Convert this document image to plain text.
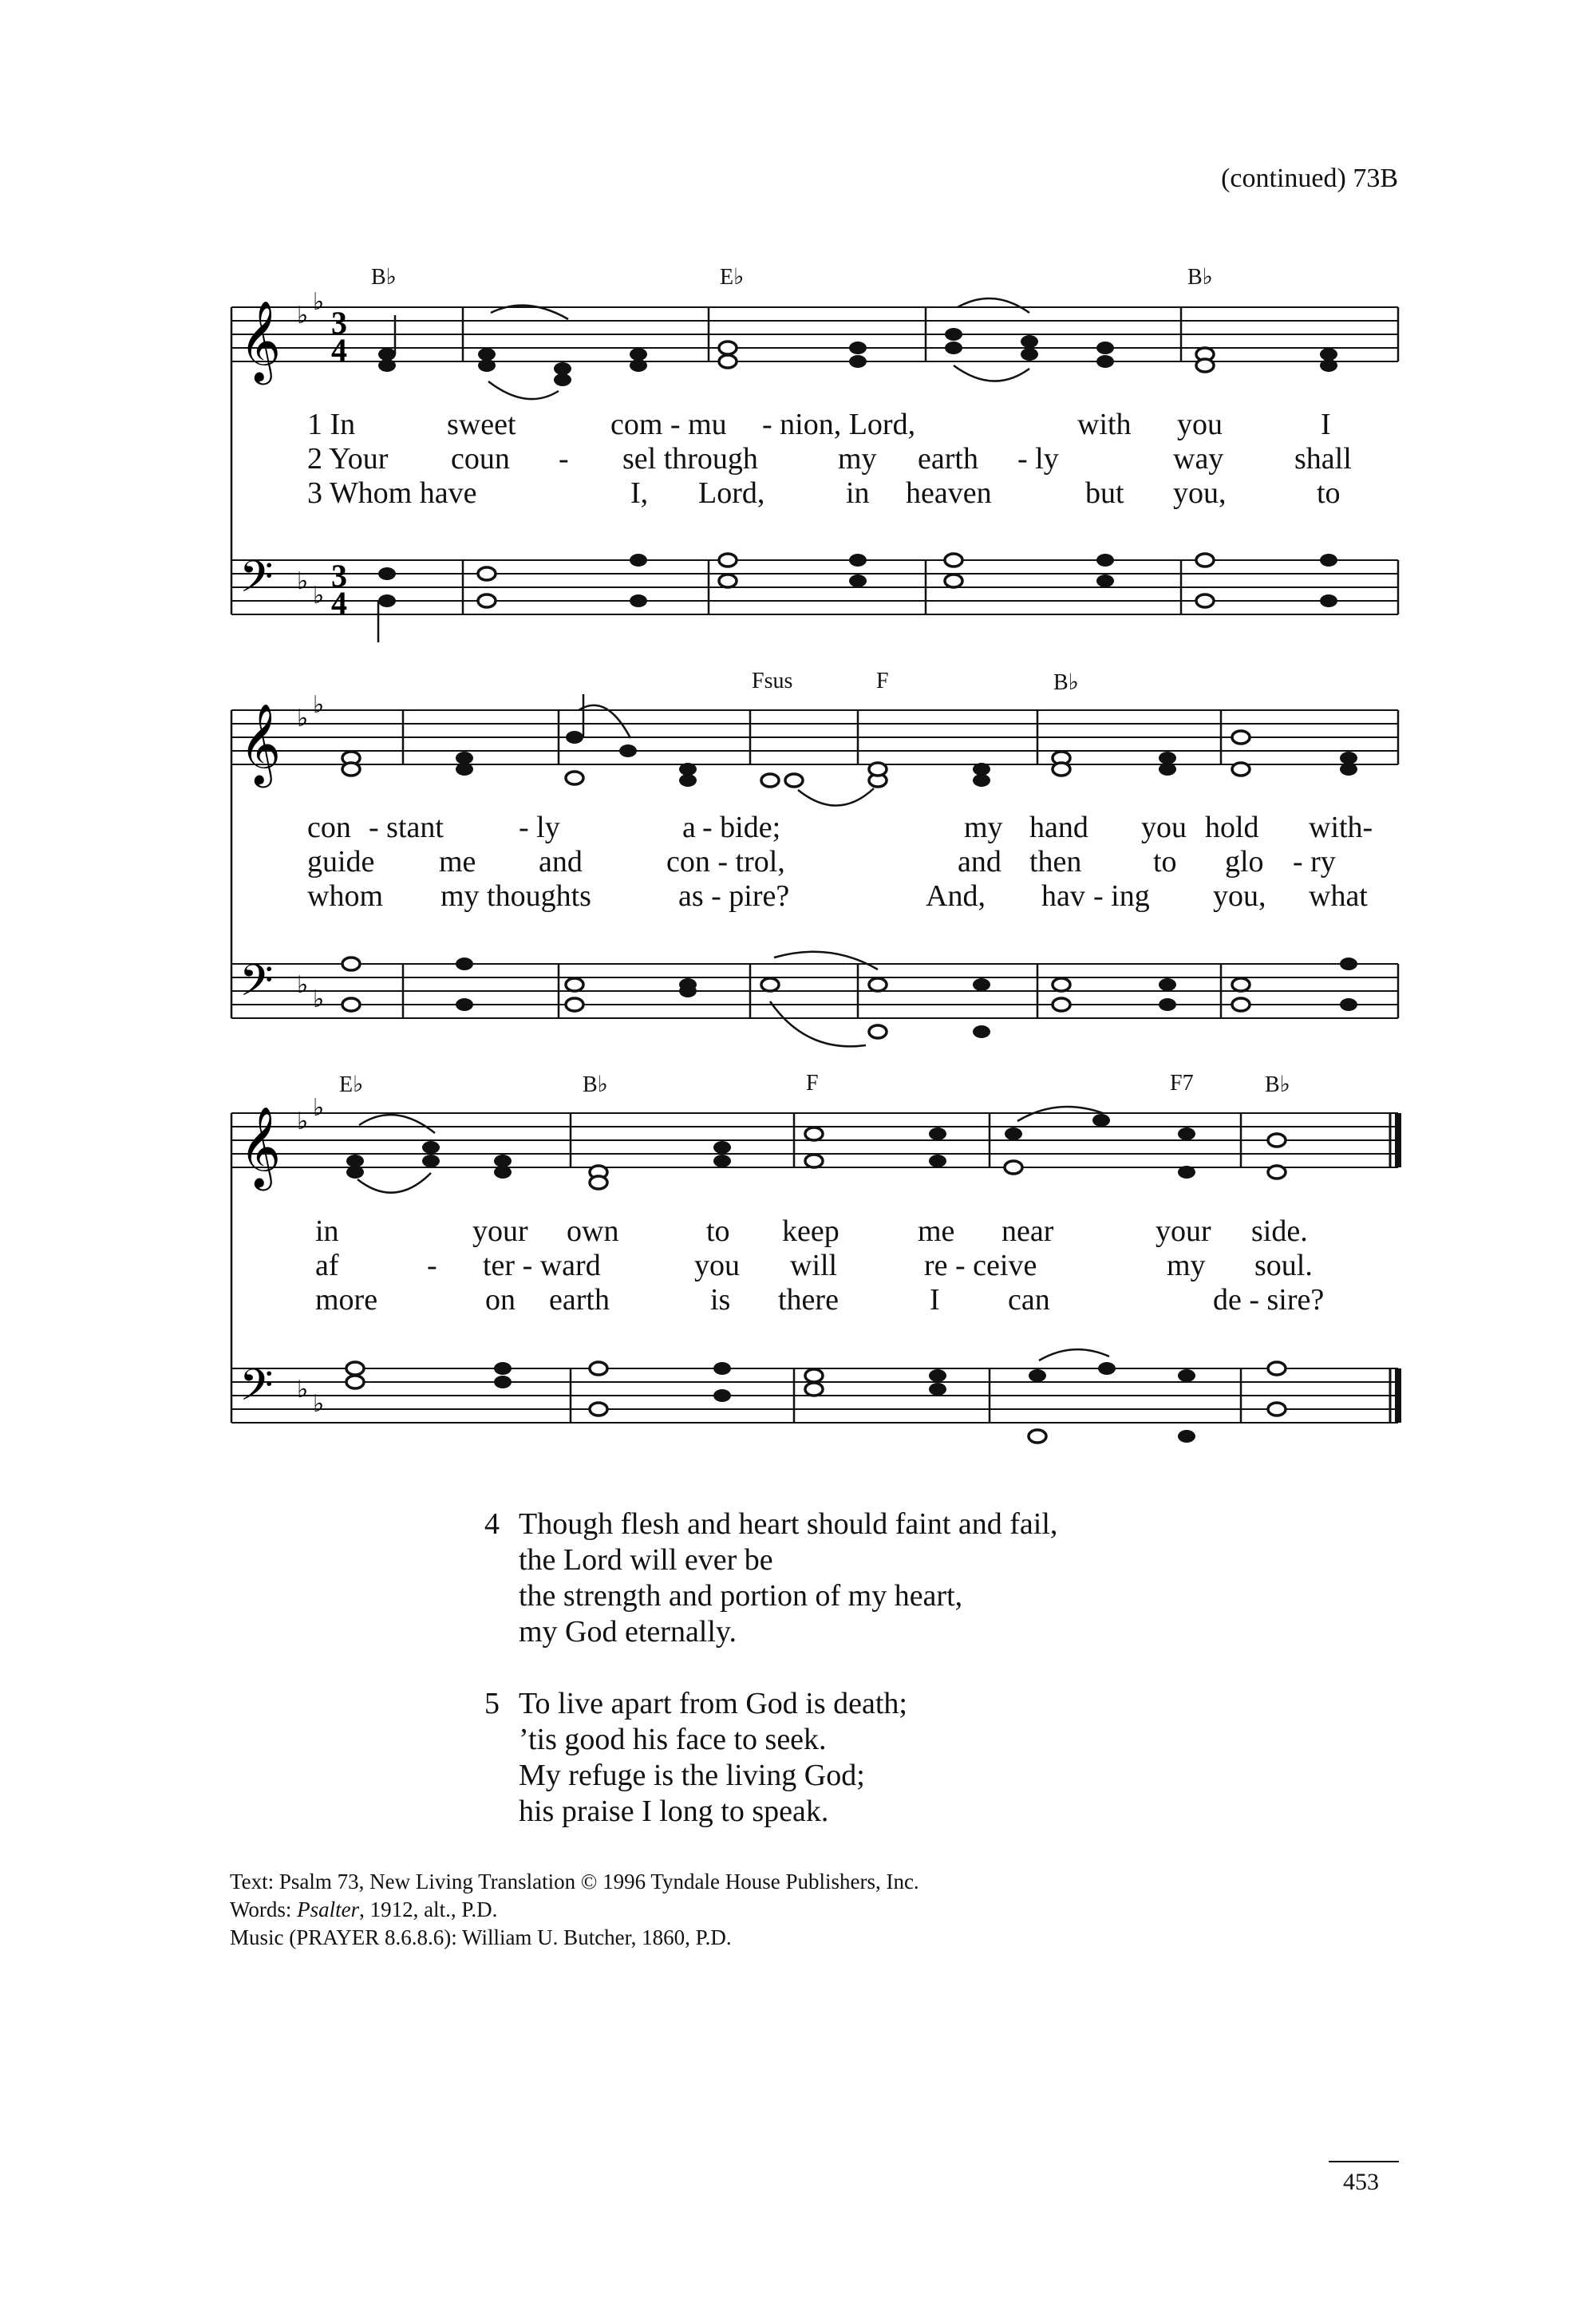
(continued) 73B
𝄞
𝄢
♭
♭
♭
♭
3
4
3
4
𝄞
𝄢
♭
♭
♭
♭
𝄞
𝄢
♭
♭
♭
♭
B♭	E♭	B♭
Fsus	F	B♭
E♭	B♭	F	F7	B♭
1 In	sweet	com - mu - nion, Lord,	with you	I
2 Your coun - sel through	my earth - ly	way shall
3 Whom have	I, Lord,	in heaven	but you,	to
con - stant - ly	a - bide;	my hand you hold with-
guide me and	con - trol,	and then to glo - ry
whom my thoughts	as - pire?	And, hav - ing you, what
in	your own	to keep	me near	your side.
af	- ter - ward	you will	re - ceive	my soul.
more	on earth	is there	I can	de - sire?
4 Though flesh and heart should faint and fail,
the Lord will ever be
the strength and portion of my heart,
my God eternally.
5 To live apart from God is death;
’tis good his face to seek.
My refuge is the living God;
his praise I long to speak.
Text: Psalm 73, New Living Translation © 1996 Tyndale House Publishers, Inc.
Words: Psalter, 1912, alt., P.D.
Music (PRAYER 8.6.8.6): William U. Butcher, 1860, P.D.
453
